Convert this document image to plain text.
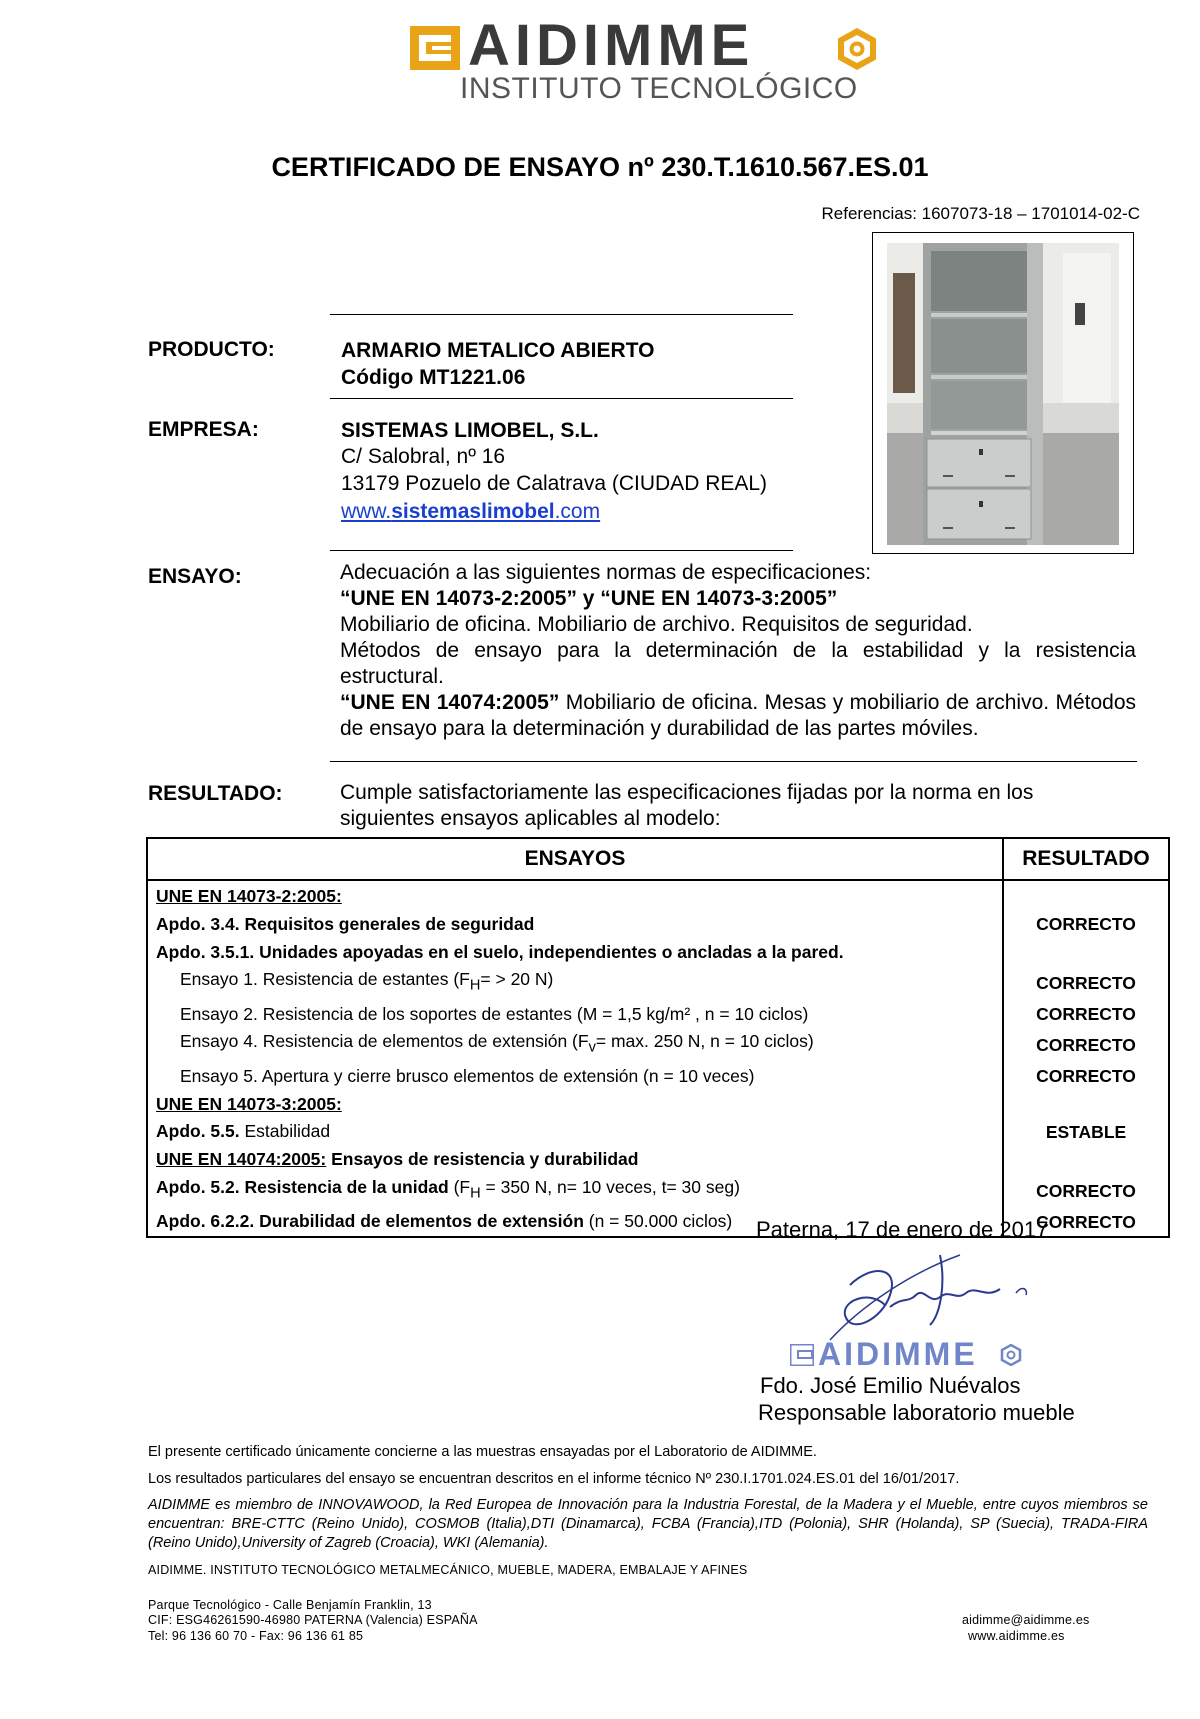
AIDIMME
INSTITUTO TECNOLÓGICO
CERTIFICADO DE ENSAYO nº 230.T.1610.567.ES.01
Referencias: 1607073-18 – 1701014-02-C
PRODUCTO:	ARMARIO METALICO ABIERTO
Código MT1221.06
EMPRESA:	SISTEMAS LIMOBEL, S.L.
C/ Salobral, nº 16
13179 Pozuelo de Calatrava (CIUDAD REAL)
www.sistemaslimobel.com
ENSAYO:	Adecuación a las siguientes normas de especificaciones:
“UNE EN 14073-2:2005” y “UNE EN 14073-3:2005”
Mobiliario de oficina. Mobiliario de archivo. Requisitos de seguridad.
Métodos de ensayo para la determinación de la estabilidad y la resistencia estructural.
“UNE EN 14074:2005” Mobiliario de oficina. Mesas y mobiliario de archivo. Métodos de ensayo para la determinación y durabilidad de las partes móviles.
RESULTADO:	Cumple satisfactoriamente las especificaciones fijadas por la norma en los siguientes ensayos aplicables al modelo:
ENSAYOS	RESULTADO
UNE EN 14073-2:2005:	
Apdo. 3.4. Requisitos generales de seguridad	CORRECTO
Apdo. 3.5.1. Unidades apoyadas en el suelo, independientes o ancladas a la pared.	
Ensayo 1. Resistencia de estantes ($F_H= > 20$ N)	CORRECTO
Ensayo 2. Resistencia de los soportes de estantes (M = 1,5 kg/m² , n = 10 ciclos)	CORRECTO
Ensayo 4. Resistencia de elementos de extensión ($F_v= \max$. 250 N, n = 10 ciclos)	CORRECTO
Ensayo 5. Apertura y cierre brusco elementos de extensión (n = 10 veces)	CORRECTO
UNE EN 14073-3:2005:	
Apdo. 5.5. Estabilidad	ESTABLE
UNE EN 14074:2005: Ensayos de resistencia y durabilidad	
Apdo. 5.2. Resistencia de la unidad ($F_H = 350$ N, n= 10 veces, t= 30 seg)	CORRECTO
Apdo. 6.2.2. Durabilidad de elementos de extensión (n = 50.000 ciclos)	CORRECTO
Paterna, 17 de enero de 2017
AIDIMME
Fdo. José Emilio Nuévalos
Responsable laboratorio mueble
El presente certificado únicamente concierne a las muestras ensayadas por el Laboratorio de AIDIMME.
Los resultados particulares del ensayo se encuentran descritos en el informe técnico Nº 230.I.1701.024.ES.01 del 16/01/2017.
AIDIMME es miembro de INNOVAWOOD, la Red Europea de Innovación para la Industria Forestal, de la Madera y el Mueble, entre cuyos miembros se encuentran: BRE-CTTC (Reino Unido), COSMOB (Italia),DTI (Dinamarca), FCBA (Francia),ITD (Polonia), SHR (Holanda), SP (Suecia), TRADA-FIRA (Reino Unido),University of Zagreb (Croacia), WKI (Alemania).
AIDIMME. INSTITUTO TECNOLÓGICO METALMECÁNICO, MUEBLE, MADERA, EMBALAJE Y AFINES
Parque Tecnológico - Calle Benjamín Franklin, 13
CIF: ESG46261590-46980 PATERNA (Valencia) ESPAÑA
Tel: 96 136 60 70 - Fax: 96 136 61 85
aidimme@aidimme.es
www.aidimme.es
